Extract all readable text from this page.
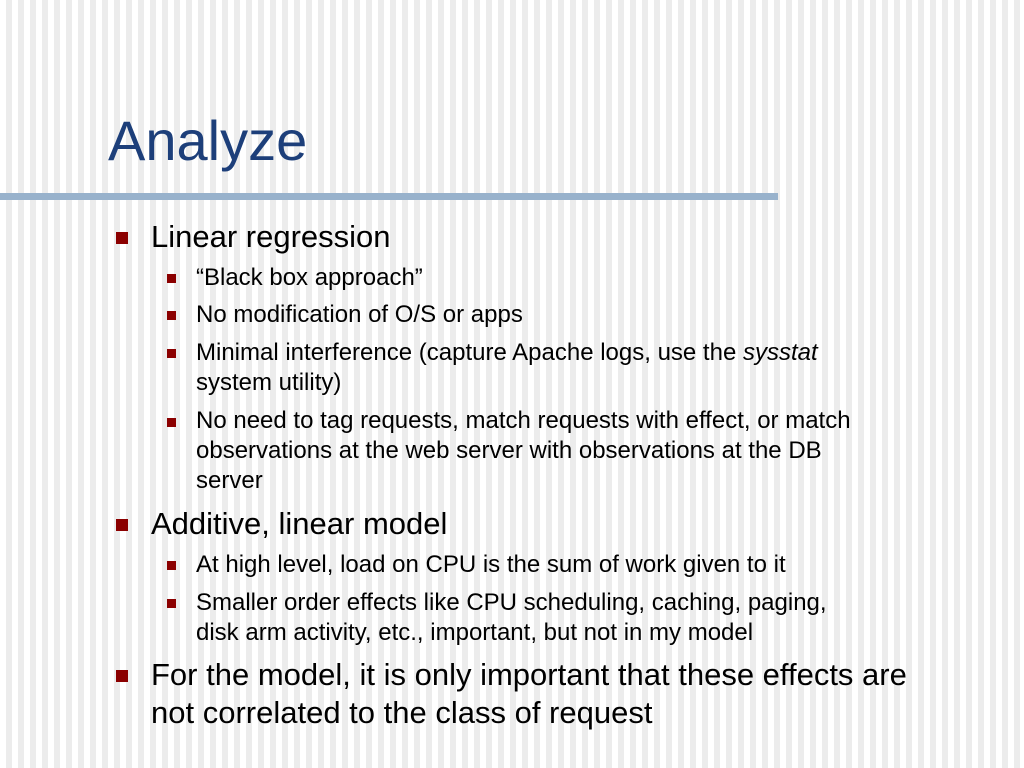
Analyze
Linear regression
“Black box approach”
No modification of O/S or apps
Minimal interference (capture Apache logs, use the sysstat
system utility)
No need to tag requests, match requests with effect, or match
observations at the web server with observations at the DB
server
Additive, linear model
At high level, load on CPU is the sum of work given to it
Smaller order effects like CPU scheduling, caching, paging,
disk arm activity, etc., important, but not in my model
For the model, it is only important that these effects are
not correlated to the class of request
